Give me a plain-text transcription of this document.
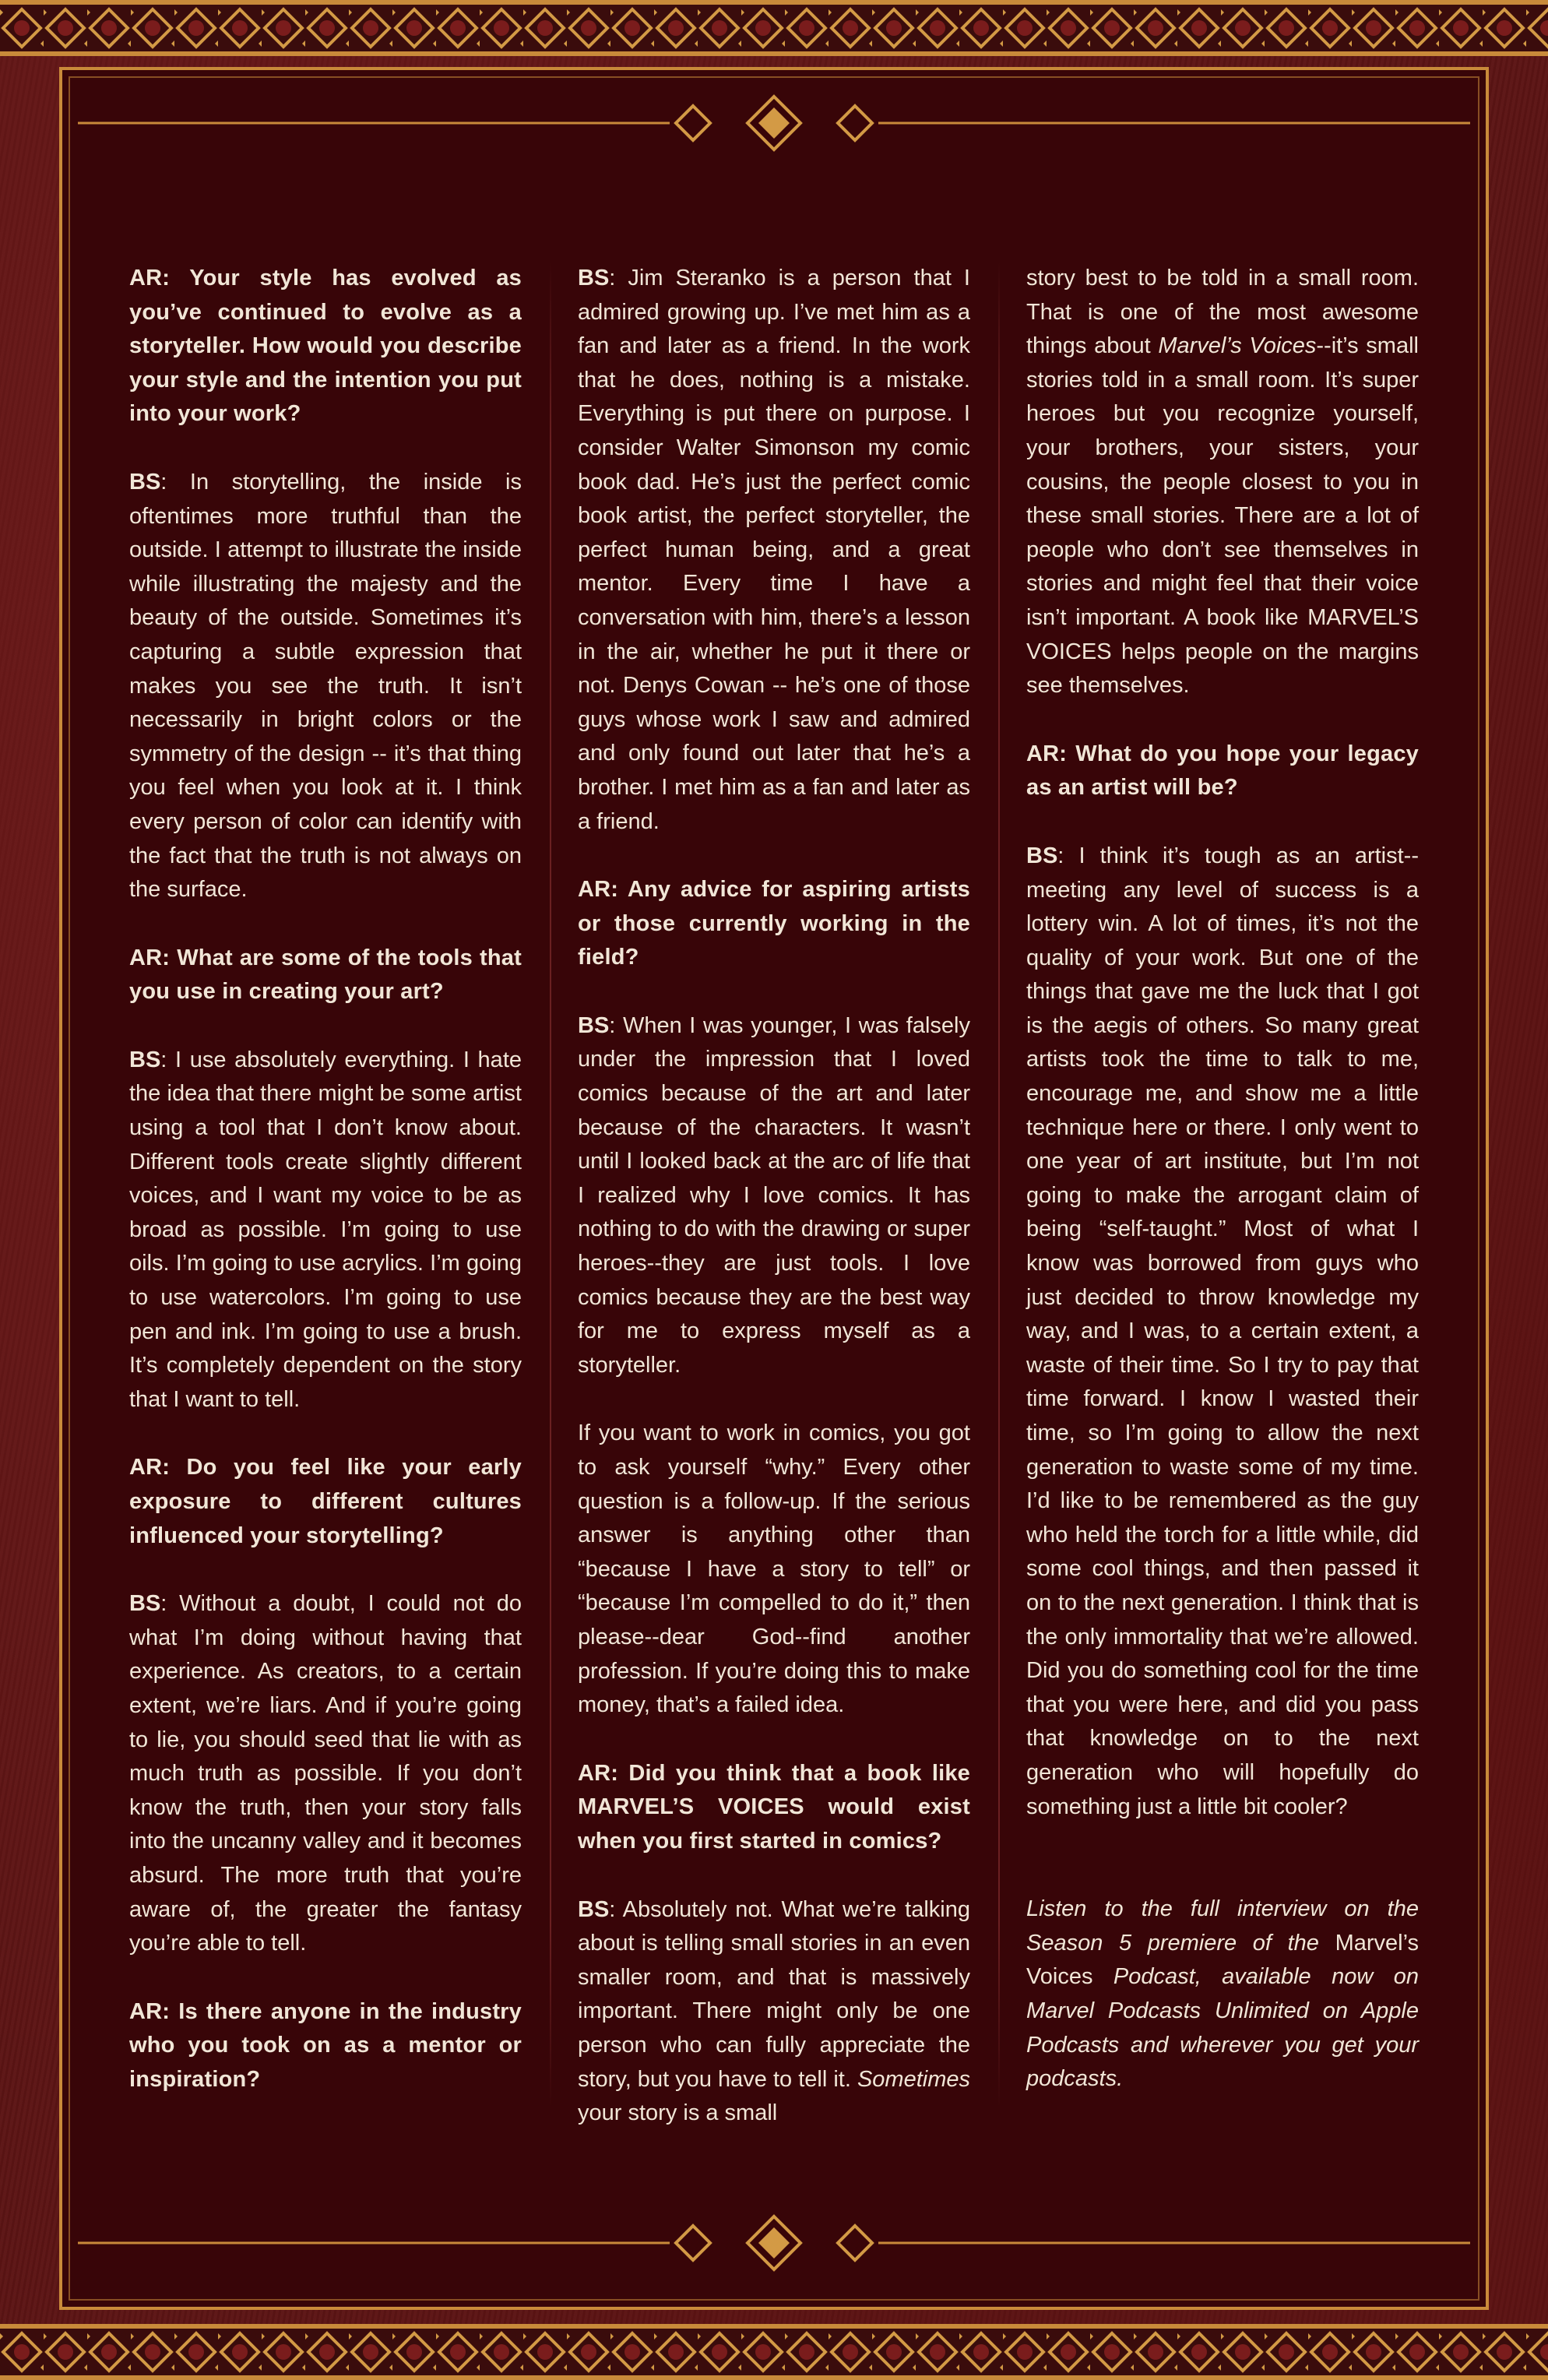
AR: Your style has evolved as you’ve continued to evolve as a storyteller. How would you describe your style and the intention you put into your work?

BS: In storytelling, the inside is oftentimes more truthful than the outside. I attempt to illustrate the inside while illustrating the majesty and the beauty of the outside. Sometimes it’s capturing a subtle expression that makes you see the truth. It isn’t necessarily in bright colors or the symmetry of the design -- it’s that thing you feel when you look at it. I think every person of color can identify with the fact that the truth is not always on the surface.

AR: What are some of the tools that you use in creating your art?

BS: I use absolutely everything. I hate the idea that there might be some artist using a tool that I don’t know about. Different tools create slightly different voices, and I want my voice to be as broad as possible. I’m going to use oils. I’m going to use acrylics. I’m going to use watercolors. I’m going to use pen and ink. I’m going to use a brush. It’s completely dependent on the story that I want to tell.

AR: Do you feel like your early exposure to different cultures influenced your storytelling?

BS: Without a doubt, I could not do what I’m doing without having that experience. As creators, to a certain extent, we’re liars. And if you’re going to lie, you should seed that lie with as much truth as possible. If you don’t know the truth, then your story falls into the uncanny valley and it becomes absurd. The more truth that you’re aware of, the greater the fantasy you’re able to tell.

AR: Is there anyone in the industry who you took on as a mentor or inspiration?

BS: Jim Steranko is a person that I admired growing up. I’ve met him as a fan and later as a friend. In the work that he does, nothing is a mistake. Everything is put there on purpose. I consider Walter Simonson my comic book dad. He’s just the perfect comic book artist, the perfect storyteller, the perfect human being, and a great mentor. Every time I have a conversation with him, there’s a lesson in the air, whether he put it there or not. Denys Cowan -- he’s one of those guys whose work I saw and admired and only found out later that he’s a brother. I met him as a fan and later as a friend.

AR: Any advice for aspiring artists or those currently working in the field?

BS: When I was younger, I was falsely under the impression that I loved comics because of the art and later because of the characters. It wasn’t until I looked back at the arc of life that I realized why I love comics. It has nothing to do with the drawing or super heroes--they are just tools. I love comics because they are the best way for me to express myself as a storyteller.

If you want to work in comics, you got to ask yourself “why.” Every other question is a follow-up. If the serious answer is anything other than “because I have a story to tell” or “because I’m compelled to do it,” then please--dear God--find another profession. If you’re doing this to make money, that’s a failed idea.

AR: Did you think that a book like MARVEL’S VOICES would exist when you first started in comics?

BS: Absolutely not. What we’re talking about is telling small stories in an even smaller room, and that is massively important. There might only be one person who can fully appreciate the story, but you have to tell it. Sometimes your story is a small

story best to be told in a small room. That is one of the most awesome things about Marvel’s Voices--it’s small stories told in a small room. It’s super heroes but you recognize yourself, your brothers, your sisters, your cousins, the people closest to you in these small stories. There are a lot of people who don’t see themselves in stories and might feel that their voice isn’t important. A book like MARVEL’S VOICES helps people on the margins see themselves.

AR: What do you hope your legacy as an artist will be?

BS: I think it’s tough as an artist--meeting any level of success is a lottery win. A lot of times, it’s not the quality of your work. But one of the things that gave me the luck that I got is the aegis of others. So many great artists took the time to talk to me, encourage me, and show me a little technique here or there. I only went to one year of art institute, but I’m not going to make the arrogant claim of being “self-taught.” Most of what I know was borrowed from guys who just decided to throw knowledge my way, and I was, to a certain extent, a waste of their time. So I try to pay that time forward. I know I wasted their time, so I’m going to allow the next generation to waste some of my time. I’d like to be remembered as the guy who held the torch for a little while, did some cool things, and then passed it on to the next generation. I think that is the only immortality that we’re allowed. Did you do something cool for the time that you were here, and did you pass that knowledge on to the next generation who will hopefully do something just a little bit cooler?

Listen to the full interview on the Season 5 premiere of the Marvel’s Voices Podcast, available now on Marvel Podcasts Unlimited on Apple Podcasts and wherever you get your podcasts.
